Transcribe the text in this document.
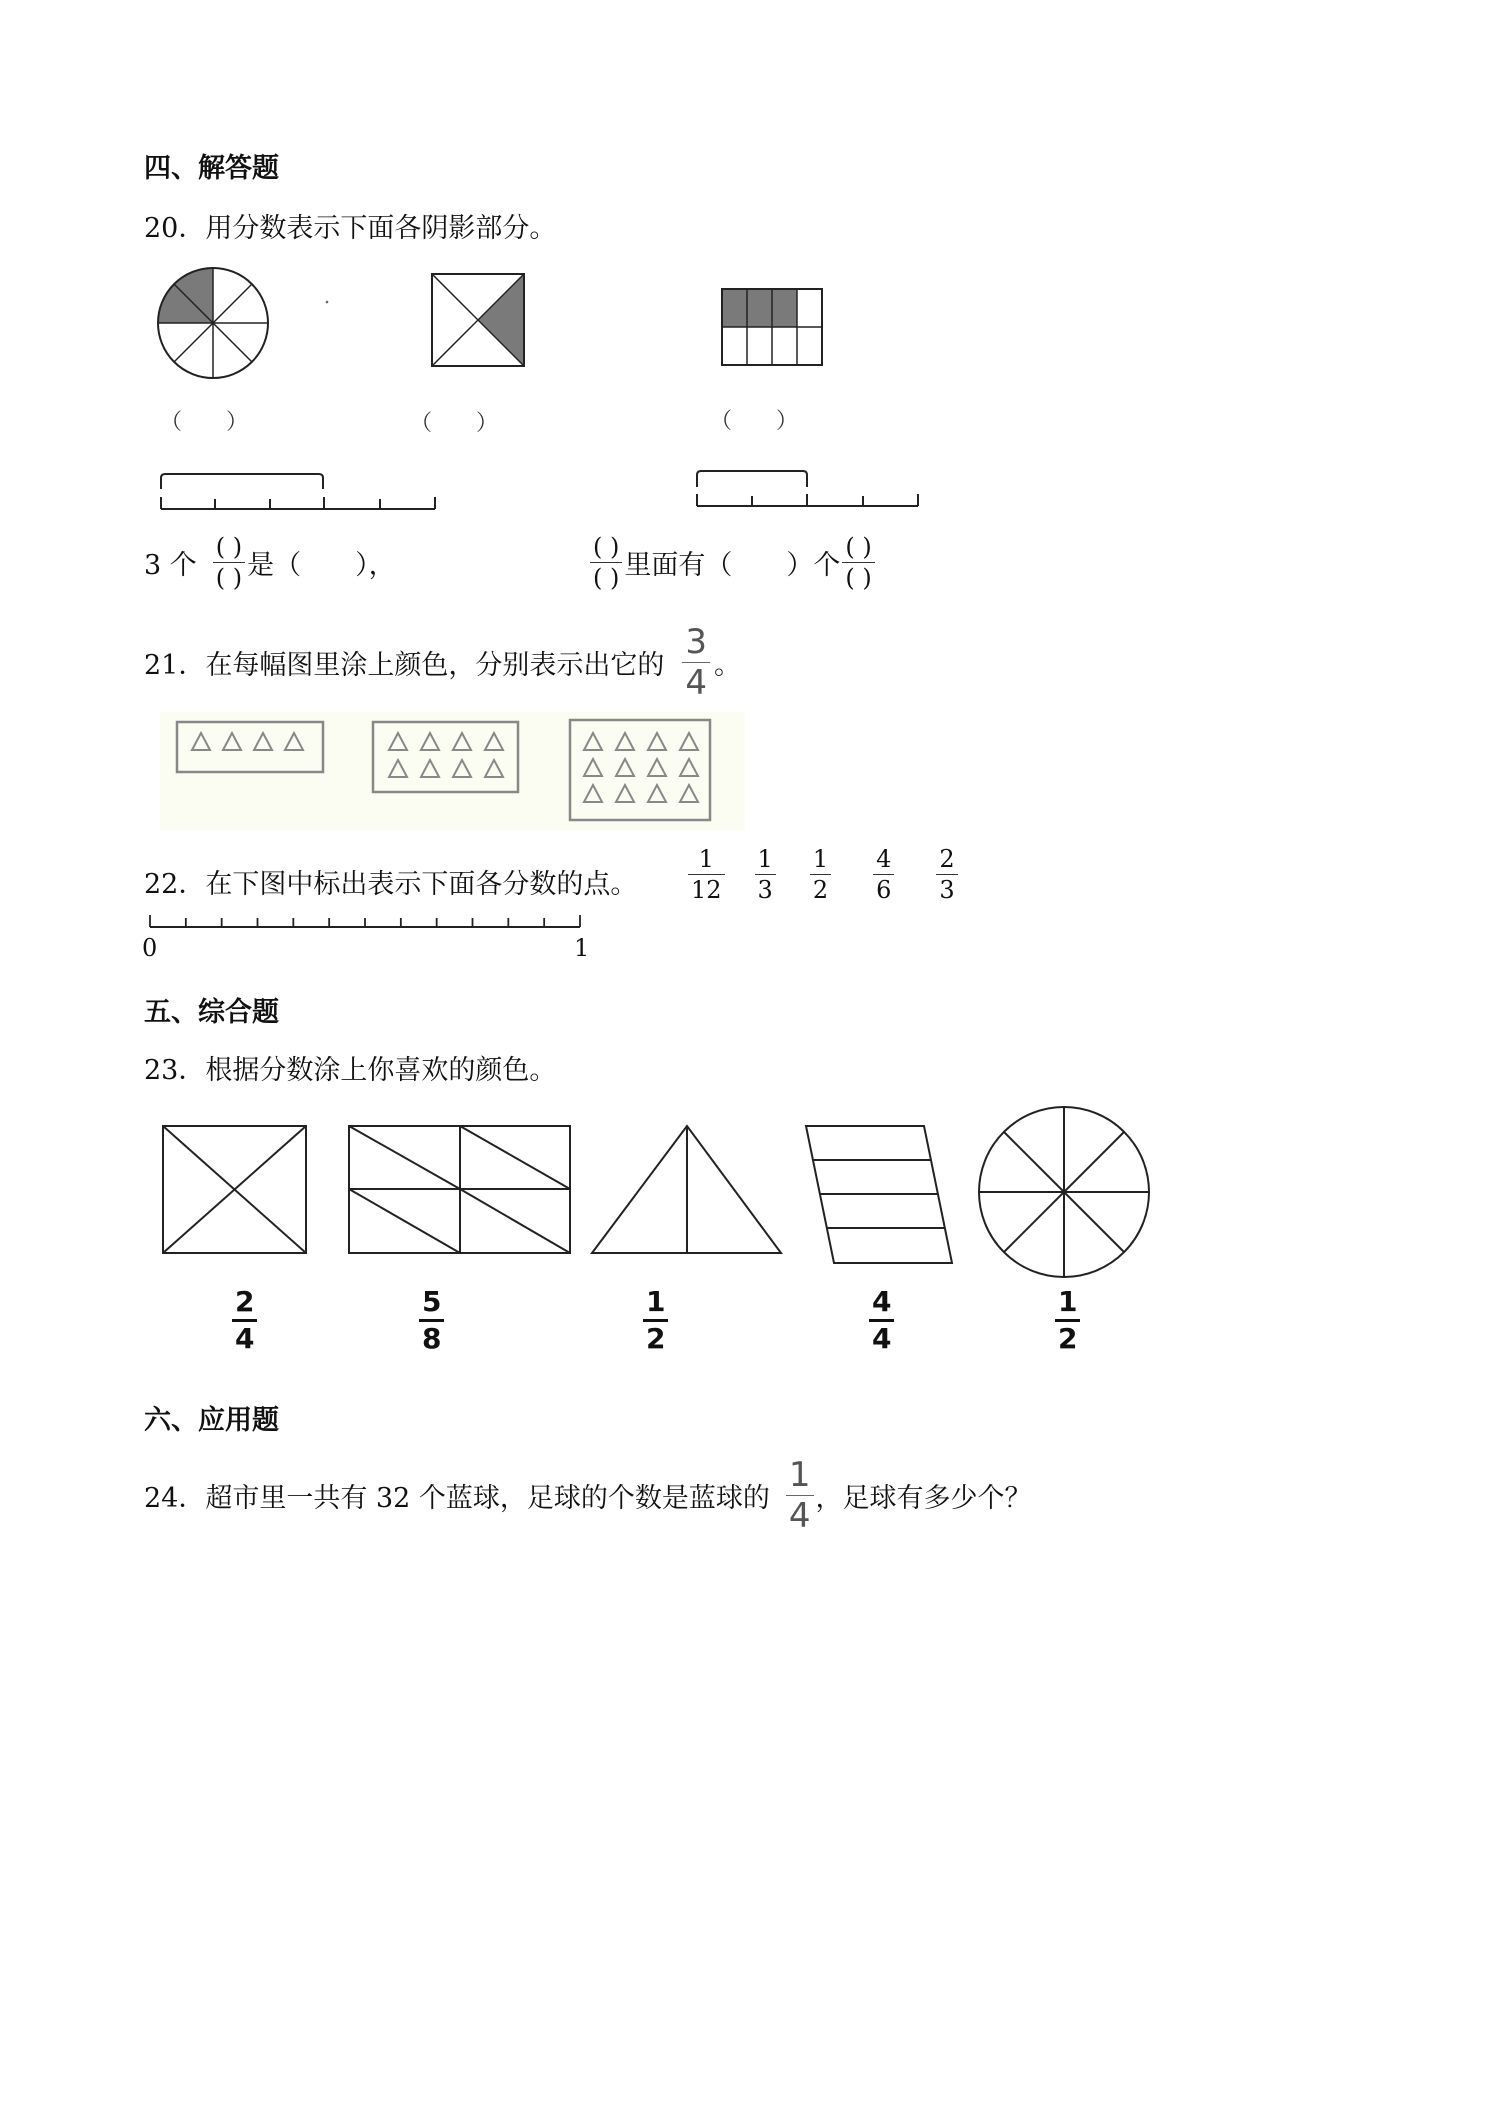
四、解答题
20．用分数表示下面各阴影部分。
（　　）	（　　）	（　　）
3 个 $\frac{( )}{( )}$ 是（　　），	$\frac{( )}{( )}$ 里面有（　　）个 $\frac{( )}{( )}$
21．在每幅图里涂上颜色，分别表示出它的 $\frac{3}{4}$ 。
22．在下图中标出表示下面各分数的点。 $\frac{1}{12} \frac{1}{3} \frac{1}{2} \frac{4}{6} \frac{2}{3}$
0	1
五、综合题
23．根据分数涂上你喜欢的颜色。
$\frac{2}{4}$	$\frac{5}{8}$	$\frac{1}{2}$	$\frac{4}{4}$	$\frac{1}{2}$
六、应用题
24．超市里一共有 32 个蓝球，足球的个数是蓝球的 $\frac{1}{4}$ ，足球有多少个？
